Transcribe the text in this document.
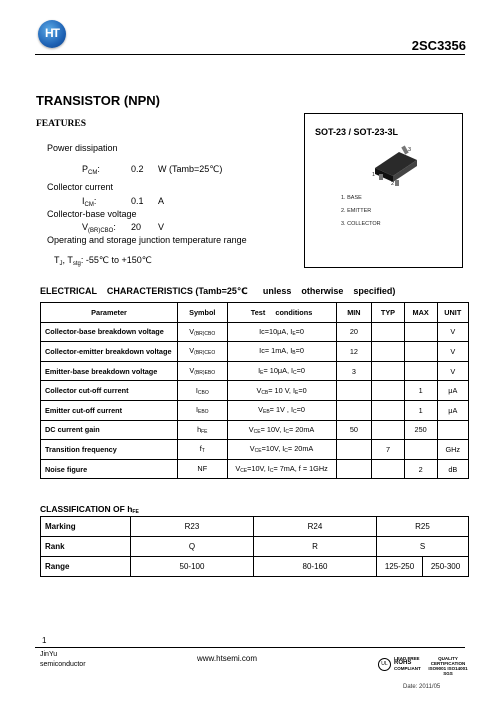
HT
2SC3356
TRANSISTOR (NPN)
FEATURES
Power dissipation
$P_{CM}$:	0.2 W (Tamb=25℃)
Collector current
$I_{CM}$:	0.1 A
Collector-base voltage
$V_{(BR)CBO}$: 20 V
Operating and storage junction temperature range
$T_J$, $T_{stg}$: -55℃ to +150℃
SOT-23 / SOT-23-3L
3
1
2
1. BASE
2. EMITTER
3. COLLECTOR
ELECTRICAL    CHARACTERISTICS (Tamb=25℃      unless    otherwise    specified)
Parameter	Symbol	Test     conditions	MIN	TYP	MAX	UNIT
Collector-base breakdown voltage	V(BR)CBO	Ic=10μA, IE=0	20			V
Collector-emitter breakdown voltage	V(BR)CEO	Ic= 1mA, IB=0	12			V
Emitter-base breakdown voltage	V(BR)EBO	IE= 10μA, IC=0	3			V
Collector cut-off current	ICBO	VCB= 10 V, IE=0			1	μA
Emitter cut-off current	IEBO	VEB= 1V , IC=0			1	μA
DC current gain	hFE	VCE= 10V, IC= 20mA	50		250	
Transition frequency	fT	VCE=10V, IC= 20mA		7		GHz
Noise figure	NF	VCE=10V, IC= 7mA, f = 1GHz			2	dB
CLASSIFICATION OF hFE
Marking	R23	R24	R25	
Rank	Q	R	S	
Range	50-100	80-160	125-250	250-300
1
JinYu
semiconductor
www.htsemi.com
UL
LEAD FREE
ROHS
COMPLIANT
QUALITY CERTIFICATION
ISO9001 ISO14001
SGS
Date: 2011/05
